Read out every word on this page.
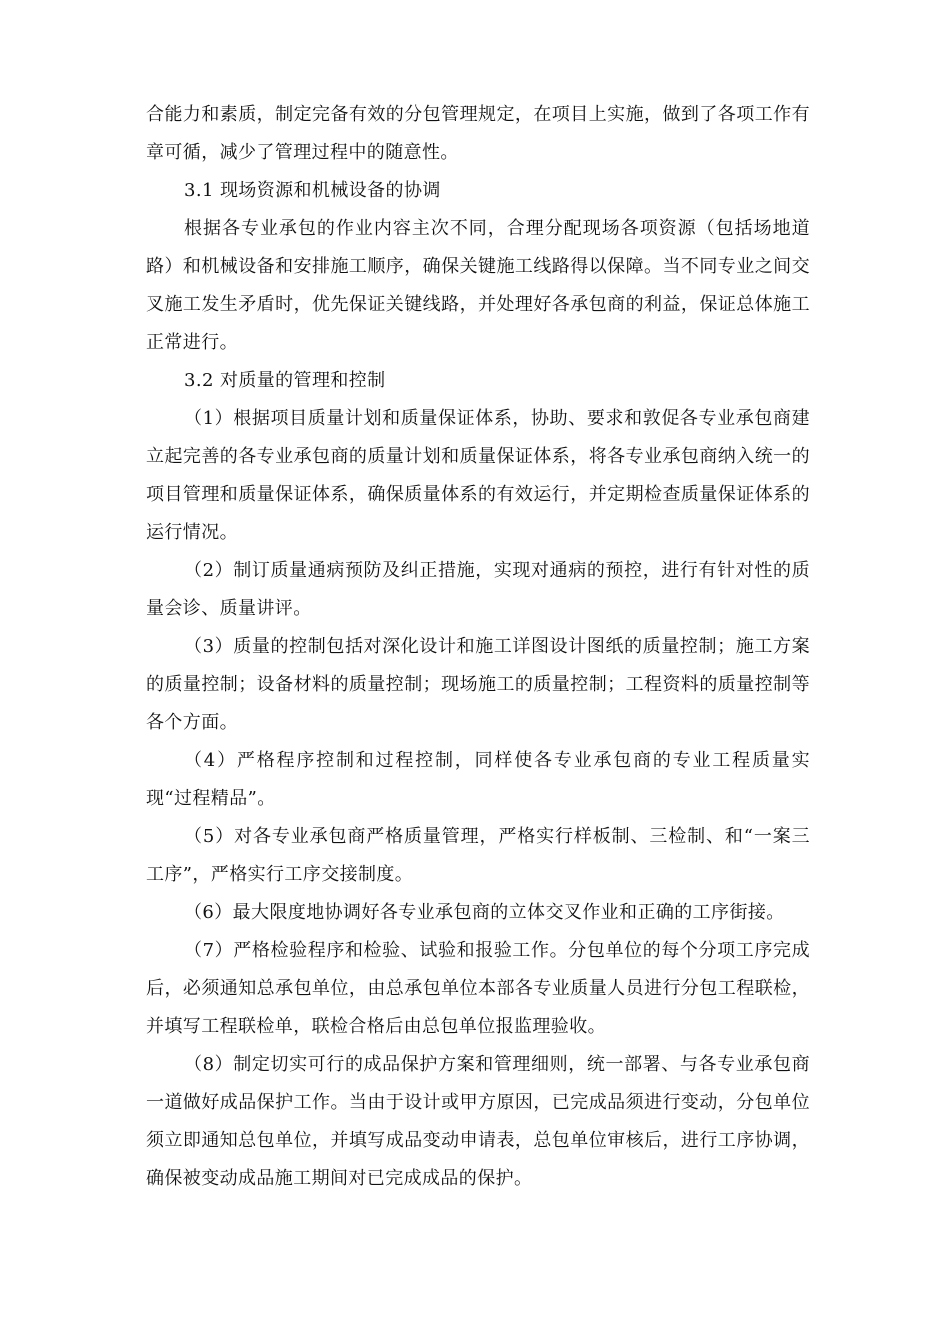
合能力和素质，制定完备有效的分包管理规定，在项目上实施，做到了各项工作有章可循，减少了管理过程中的随意性。

3.1 现场资源和机械设备的协调

根据各专业承包的作业内容主次不同，合理分配现场各项资源（包括场地道路）和机械设备和安排施工顺序，确保关键施工线路得以保障。当不同专业之间交叉施工发生矛盾时，优先保证关键线路，并处理好各承包商的利益，保证总体施工正常进行。

3.2 对质量的管理和控制

（1）根据项目质量计划和质量保证体系，协助、要求和敦促各专业承包商建立起完善的各专业承包商的质量计划和质量保证体系，将各专业承包商纳入统一的项目管理和质量保证体系，确保质量体系的有效运行，并定期检查质量保证体系的运行情况。

（2）制订质量通病预防及纠正措施，实现对通病的预控，进行有针对性的质量会诊、质量讲评。

（3）质量的控制包括对深化设计和施工详图设计图纸的质量控制；施工方案的质量控制；设备材料的质量控制；现场施工的质量控制；工程资料的质量控制等各个方面。

（4）严格程序控制和过程控制，同样使各专业承包商的专业工程质量实现“过程精品”。

（5）对各专业承包商严格质量管理，严格实行样板制、三检制、和“一案三工序”，严格实行工序交接制度。

（6）最大限度地协调好各专业承包商的立体交叉作业和正确的工序街接。

（7）严格检验程序和检验、试验和报验工作。分包单位的每个分项工序完成后，必须通知总承包单位，由总承包单位本部各专业质量人员进行分包工程联检，并填写工程联检单，联检合格后由总包单位报监理验收。

（8）制定切实可行的成品保护方案和管理细则，统一部署、与各专业承包商一道做好成品保护工作。当由于设计或甲方原因，已完成品须进行变动，分包单位须立即通知总包单位，并填写成品变动申请表，总包单位审核后，进行工序协调，确保被变动成品施工期间对已完成成品的保护。
